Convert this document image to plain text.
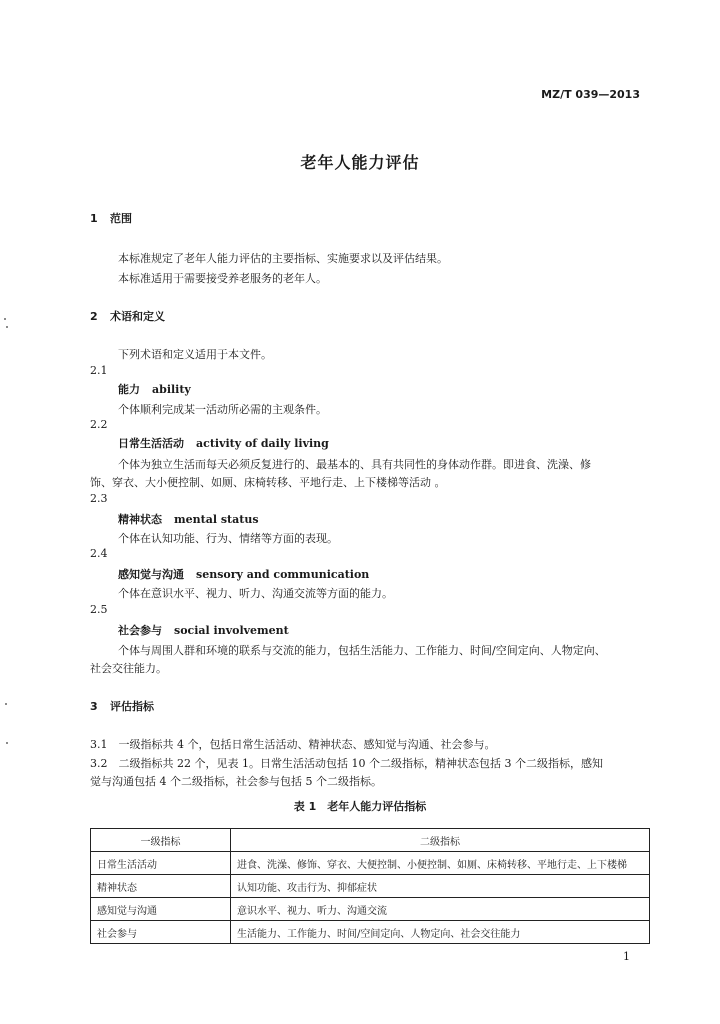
MZ/T 039—2013
老年人能力评估
1 范围
本标准规定了老年人能力评估的主要指标、实施要求以及评估结果。
本标准适用于需要接受养老服务的老年人。
2 术语和定义
下列术语和定义适用于本文件。
2.1
能力 ability
个体顺利完成某一活动所必需的主观条件。
2.2
日常生活活动 activity of daily living
个体为独立生活而每天必须反复进行的、最基本的、具有共同性的身体动作群。即进食、洗澡、修
饰、穿衣、大小便控制、如厕、床椅转移、平地行走、上下楼梯等活动 。
2.3
精神状态 mental status
个体在认知功能、行为、情绪等方面的表现。
2.4
感知觉与沟通 sensory and communication
个体在意识水平、视力、听力、沟通交流等方面的能力。
2.5
社会参与 social involvement
个体与周围人群和环境的联系与交流的能力，包括生活能力、工作能力、时间/空间定向、人物定向、
社会交往能力。
3 评估指标
3.1　一级指标共 4 个，包括日常生活活动、精神状态、感知觉与沟通、社会参与。
3.2　二级指标共 22 个，见表 1。日常生活活动包括 10 个二级指标，精神状态包括 3 个二级指标，感知
觉与沟通包括 4 个二级指标，社会参与包括 5 个二级指标。
表 1　老年人能力评估指标
一级指标	二级指标
日常生活活动	进食、洗澡、修饰、穿衣、大便控制、小便控制、如厕、床椅转移、平地行走、上下楼梯
精神状态	认知功能、攻击行为、抑郁症状
感知觉与沟通	意识水平、视力、听力、沟通交流
社会参与	生活能力、工作能力、时间/空间定向、人物定向、社会交往能力
1
